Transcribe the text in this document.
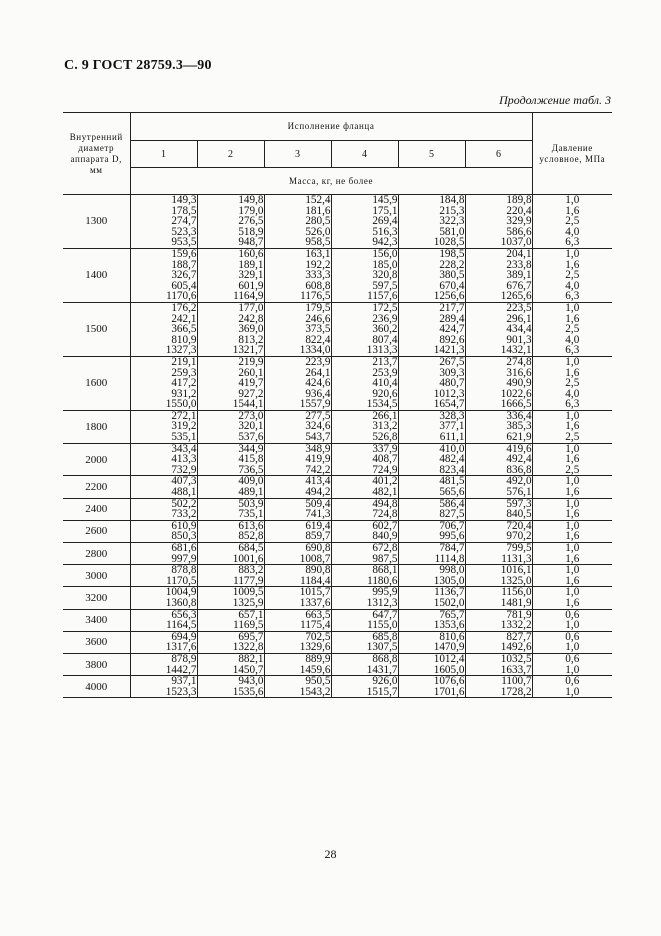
С. 9 ГОСТ 28759.3—90
Продолжение табл. 3
Внутренний диаметр аппарата D, мм	Исполнение фланца						Давление условное, МПа
	1	2	3	4	5	6	
	Масса, кг, не более						
1300	149,3
178,5
274,7
523,3
953,5	149,8
179,0
276,5
518,9
948,7	152,4
181,6
280,5
526,0
958,5	145,9
175,1
269,4
516,3
942,3	184,8
215,3
322,3
581,0
1028,5	189,8
220,4
329,9
586,6
1037,0	1,0
1,6
2,5
4,0
6,3
1400	159,6
188,7
326,7
605,4
1170,6	160,6
189,1
329,1
601,9
1164,9	163,1
192,2
333,3
608,8
1176,5	156,0
185,0
320,8
597,5
1157,6	198,5
228,2
380,5
670,4
1256,6	204,1
233,8
389,1
676,7
1265,6	1,0
1,6
2,5
4,0
6,3
1500	176,2
242,1
366,5
810,9
1327,3	177,0
242,8
369,0
813,2
1321,7	179,5
246,6
373,5
822,4
1334,0	172,5
236,9
360,2
807,4
1313,3	217,7
289,4
424,7
892,6
1421,3	223,5
296,1
434,4
901,3
1432,1	1,0
1,6
2,5
4,0
6,3
1600	219,1
259,3
417,2
931,2
1550,0	219,9
260,1
419,7
927,2
1544,1	223,9
264,1
424,6
936,4
1557,9	213,7
253,9
410,4
920,6
1534,5	267,5
309,3
480,7
1012,3
1654,7	274,8
316,6
490,9
1022,6
1666,5	1,0
1,6
2,5
4,0
6,3
1800	272,1
319,2
535,1	273,0
320,1
537,6	277,5
324,6
543,7	266,1
313,2
526,8	328,3
377,1
611,1	336,4
385,3
621,9	1,0
1,6
2,5
2000	343,4
413,3
732,9	344,9
415,8
736,5	348,9
419,9
742,2	337,9
408,7
724,9	410,0
482,4
823,4	419,6
492,4
836,8	1,0
1,6
2,5
2200	407,3
488,1	409,0
489,1	413,4
494,2	401,2
482,1	481,5
565,6	492,0
576,1	1,0
1,6
2400	502,2
733,2	503,9
735,1	509,4
741,3	494,8
724,8	586,4
827,5	597,3
840,5	1,0
1,6
2600	610,9
850,3	613,6
852,8	619,4
859,7	602,7
840,9	706,7
995,6	720,4
970,2	1,0
1,6
2800	681,6
997,9	684,5
1001,6	690,8
1008,7	672,8
987,5	784,7
1114,8	799,5
1131,3	1,0
1,6
3000	878,8
1170,5	883,2
1177,9	890,8
1184,4	868,1
1180,6	998,0
1305,0	1016,1
1325,0	1,0
1,6
3200	1004,9
1360,8	1009,5
1325,9	1015,7
1337,6	995,9
1312,3	1136,7
1502,0	1156,0
1481,9	1,0
1,6
3400	656,3
1164,5	657,1
1169,5	663,5
1175,4	647,7
1155,0	765,7
1353,6	781,9
1332,2	0,6
1,0
3600	694,9
1317,6	695,7
1322,8	702,5
1329,6	685,8
1307,5	810,6
1470,9	827,7
1492,6	0,6
1,0
3800	878,9
1442,7	882,1
1450,7	889,9
1459,6	868,8
1431,7	1012,4
1605,0	1032,5
1633,7	0,6
1,0
4000	937,1
1523,3	943,0
1535,6	950,5
1543,2	926,0
1515,7	1076,6
1701,6	1100,7
1728,2	0,6
1,0
28
